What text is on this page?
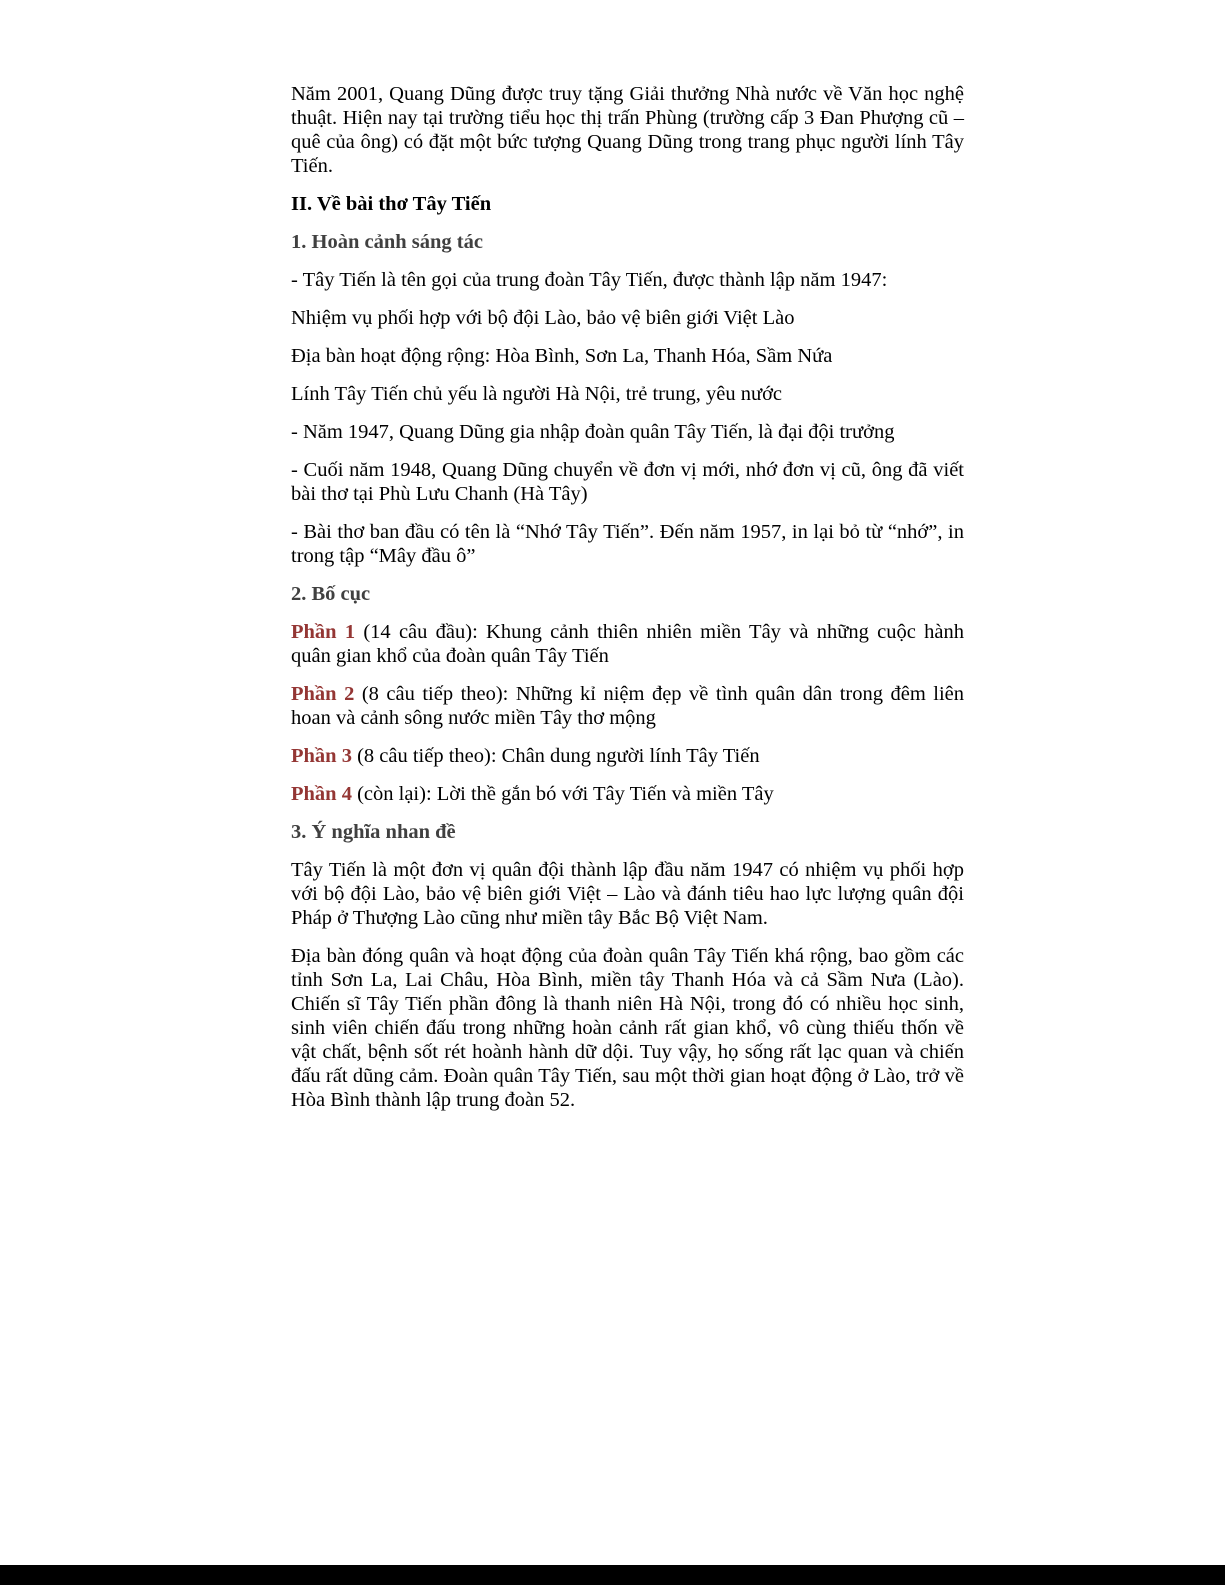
Năm 2001, Quang Dũng được truy tặng Giải thưởng Nhà nước về Văn học nghệ thuật. Hiện nay tại trường tiểu học thị trấn Phùng (trường cấp 3 Đan Phượng cũ –quê của ông) có đặt một bức tượng Quang Dũng trong trang phục người lính Tây Tiến.

II. Về bài thơ Tây Tiến

1. Hoàn cảnh sáng tác

- Tây Tiến là tên gọi của trung đoàn Tây Tiến, được thành lập năm 1947:

Nhiệm vụ phối hợp với bộ đội Lào, bảo vệ biên giới Việt Lào

Địa bàn hoạt động rộng: Hòa Bình, Sơn La, Thanh Hóa, Sầm Nứa

Lính Tây Tiến chủ yếu là người Hà Nội, trẻ trung, yêu nước

- Năm 1947, Quang Dũng gia nhập đoàn quân Tây Tiến, là đại đội trưởng

- Cuối năm 1948, Quang Dũng chuyển về đơn vị mới, nhớ đơn vị cũ, ông đã viết bài thơ tại Phù Lưu Chanh (Hà Tây)

- Bài thơ ban đầu có tên là “Nhớ Tây Tiến”. Đến năm 1957, in lại bỏ từ “nhớ”, in trong tập “Mây đầu ô”

2. Bố cục

Phần 1 (14 câu đầu): Khung cảnh thiên nhiên miền Tây và những cuộc hành quân gian khổ của đoàn quân Tây Tiến

Phần 2 (8 câu tiếp theo): Những kỉ niệm đẹp về tình quân dân trong đêm liên hoan và cảnh sông nước miền Tây thơ mộng

Phần 3 (8 câu tiếp theo): Chân dung người lính Tây Tiến

Phần 4 (còn lại): Lời thề gắn bó với Tây Tiến và miền Tây

3. Ý nghĩa nhan đề

Tây Tiến là một đơn vị quân đội thành lập đầu năm 1947 có nhiệm vụ phối hợp với bộ đội Lào, bảo vệ biên giới Việt – Lào và đánh tiêu hao lực lượng quân đội Pháp ở Thượng Lào cũng như miền tây Bắc Bộ Việt Nam.

Địa bàn đóng quân và hoạt động của đoàn quân Tây Tiến khá rộng, bao gồm các tỉnh Sơn La, Lai Châu, Hòa Bình, miền tây Thanh Hóa và cả Sầm Nưa (Lào). Chiến sĩ Tây Tiến phần đông là thanh niên Hà Nội, trong đó có nhiều học sinh, sinh viên chiến đấu trong những hoàn cảnh rất gian khổ, vô cùng thiếu thốn về vật chất, bệnh sốt rét hoành hành dữ dội. Tuy vậy, họ sống rất lạc quan và chiến đấu rất dũng cảm. Đoàn quân Tây Tiến, sau một thời gian hoạt động ở Lào, trở về Hòa Bình thành lập trung đoàn 52.
